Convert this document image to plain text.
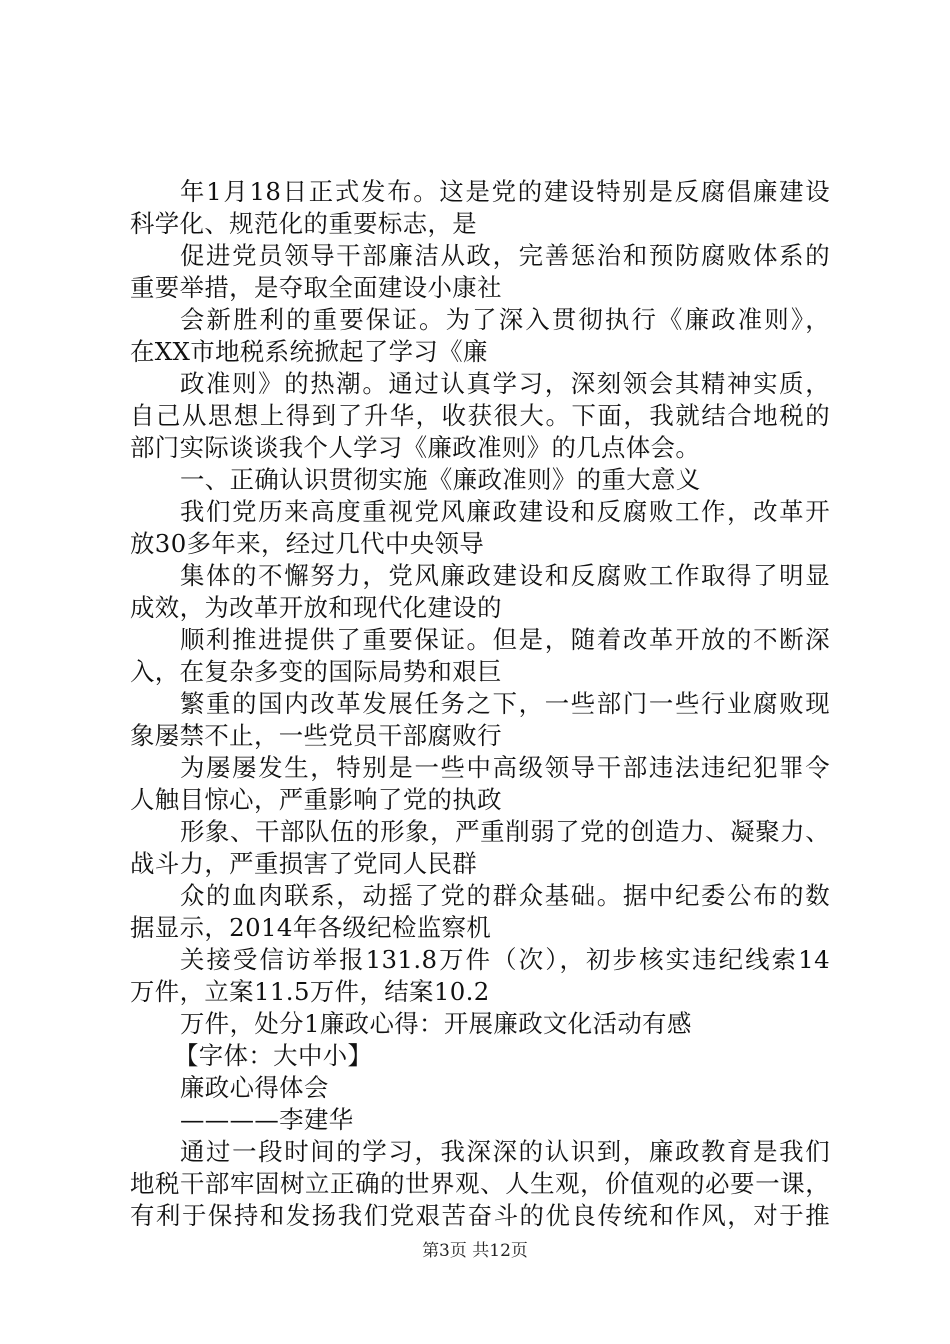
年1月18日正式发布。这是党的建设特别是反腐倡廉建设
科学化、规范化的重要标志，是
促进党员领导干部廉洁从政，完善惩治和预防腐败体系的
重要举措，是夺取全面建设小康社
会新胜利的重要保证。为了深入贯彻执行《廉政准则》，
在XX市地税系统掀起了学习《廉
政准则》的热潮。通过认真学习，深刻领会其精神实质，
自己从思想上得到了升华，收获很大。下面，我就结合地税的
部门实际谈谈我个人学习《廉政准则》的几点体会。
一、正确认识贯彻实施《廉政准则》的重大意义
我们党历来高度重视党风廉政建设和反腐败工作，改革开
放30多年来，经过几代中央领导
集体的不懈努力，党风廉政建设和反腐败工作取得了明显
成效，为改革开放和现代化建设的
顺利推进提供了重要保证。但是，随着改革开放的不断深
入，在复杂多变的国际局势和艰巨
繁重的国内改革发展任务之下，一些部门一些行业腐败现
象屡禁不止，一些党员干部腐败行
为屡屡发生，特别是一些中高级领导干部违法违纪犯罪令
人触目惊心，严重影响了党的执政
形象、干部队伍的形象，严重削弱了党的创造力、凝聚力、
战斗力，严重损害了党同人民群
众的血肉联系，动摇了党的群众基础。据中纪委公布的数
据显示，2014年各级纪检监察机
关接受信访举报131.8万件（次），初步核实违纪线索14
万件，立案11.5万件，结案10.2
万件，处分1廉政心得：开展廉政文化活动有感
【字体：大中小】
廉政心得体会
————李建华
通过一段时间的学习，我深深的认识到，廉政教育是我们
地税干部牢固树立正确的世界观、人生观，价值观的必要一课，
有利于保持和发扬我们党艰苦奋斗的优良传统和作风，对于推
第3页 共12页
